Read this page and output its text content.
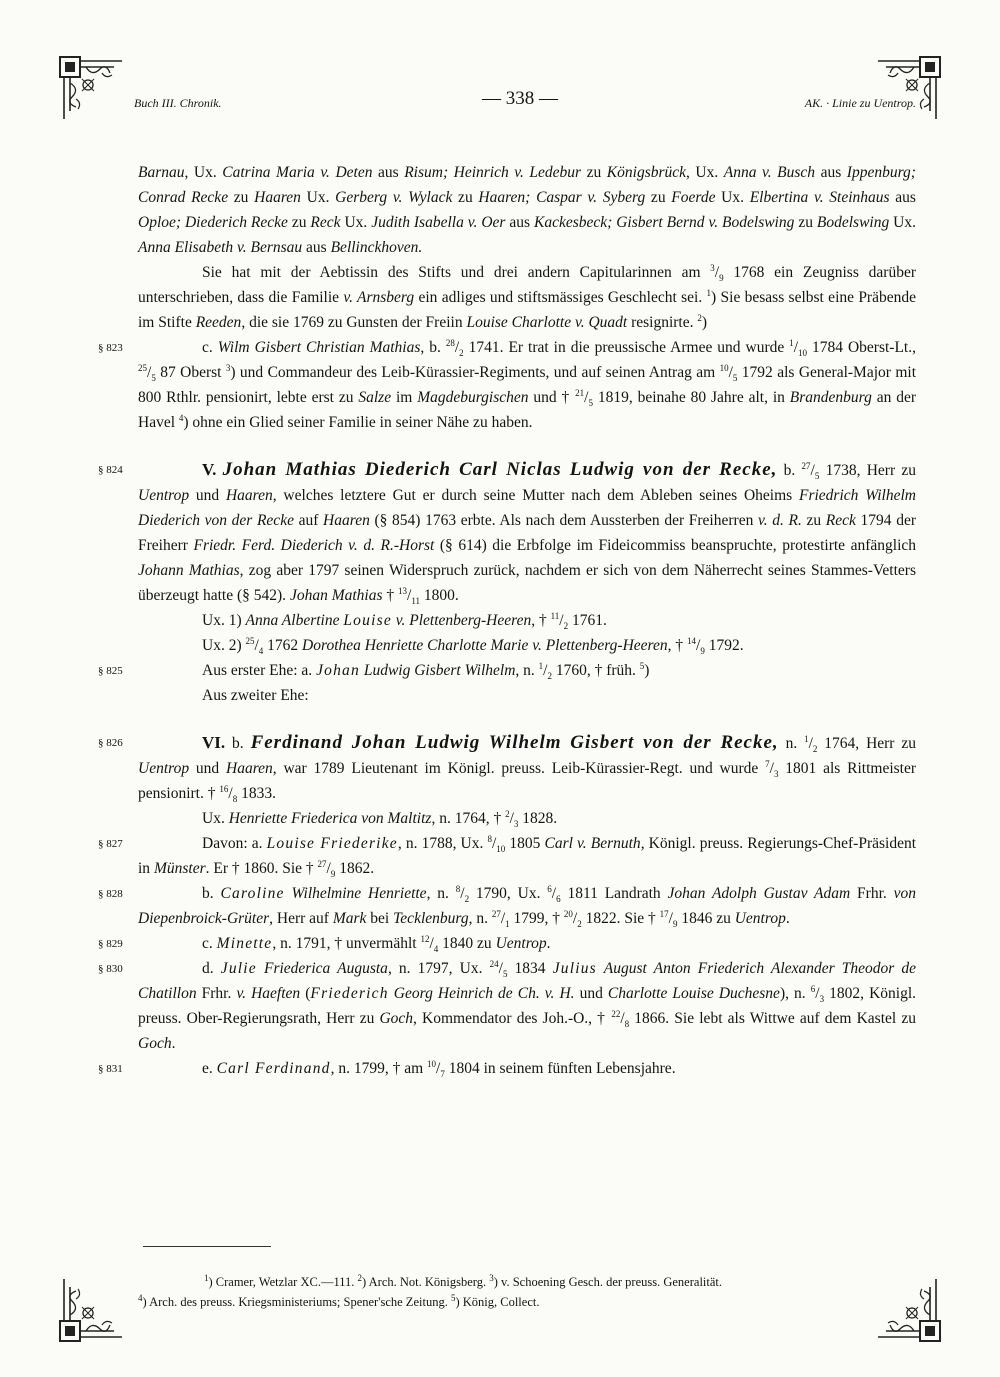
Buch III. Chronik.	— 338 —	AK. · Linie zu Uentrop.

Barnau, Ux. Catrina Maria v. Deten aus Risum; Heinrich v. Ledebur zu Königsbrück, Ux. Anna v. Busch aus Ippenburg; Conrad Recke zu Haaren Ux. Gerberg v. Wylack zu Haaren; Caspar v. Syberg zu Foerde Ux. Elbertina v. Steinhaus aus Oploe; Diederich Recke zu Reck Ux. Judith Isabella v. Oer aus Kackesbeck; Gisbert Bernd v. Bodelswing zu Bodelswing Ux. Anna Elisabeth v. Bernsau aus Bellinckhoven.

Sie hat mit der Aebtissin des Stifts und drei andern Capitularinnen am $^3/_9$ 1768 ein Zeugniss darüber unterschrieben, dass die Familie v. Arnsberg ein adliges und stiftsmässiges Geschlecht sei. $^1$) Sie besass selbst eine Präbende im Stifte Reeden, die sie 1769 zu Gunsten der Freiin Louise Charlotte v. Quadt resignirte. $^2$)

§ 823	c. Wilm Gisbert Christian Mathias, b. $^{28}/_2$ 1741. Er trat in die preussische Armee und wurde $^1/_{10}$ 1784 Oberst-Lt., $^{25}/_5$ 87 Oberst $^3$) und Commandeur des Leib-Kürassier-Regiments, und auf seinen Antrag am $^{10}/_5$ 1792 als General-Major mit 800 Rthlr. pensionirt, lebte erst zu Salze im Magdeburgischen und † $^{21}/_5$ 1819, beinahe 80 Jahre alt, in Brandenburg an der Havel $^4$) ohne ein Glied seiner Familie in seiner Nähe zu haben.

§ 824	V. Johan Mathias Diederich Carl Niclas Ludwig von der Recke, b. $^{27}/_5$ 1738, Herr zu Uentrop und Haaren, welches letztere Gut er durch seine Mutter nach dem Ableben seines Oheims Friedrich Wilhelm Diederich von der Recke auf Haaren (§ 854) 1763 erbte. Als nach dem Aussterben der Freiherren v. d. R. zu Reck 1794 der Freiherr Friedr. Ferd. Diederich v. d. R.-Horst (§ 614) die Erbfolge im Fideicommiss beanspruchte, protestirte anfänglich Johann Mathias, zog aber 1797 seinen Widerspruch zurück, nachdem er sich von dem Näherrecht seines Stammes-Vetters überzeugt hatte (§ 542). Johan Mathias † $^{13}/_{11}$ 1800.

Ux. 1) Anna Albertine Louise v. Plettenberg-Heeren, † $^{11}/_2$ 1761.

Ux. 2) $^{25}/_4$ 1762 Dorothea Henriette Charlotte Marie v. Plettenberg-Heeren, † $^{14}/_9$ 1792.

§ 825	Aus erster Ehe: a. Johan Ludwig Gisbert Wilhelm, n. $^1/_2$ 1760, † früh. $^5$)

Aus zweiter Ehe:

§ 826	VI. b. Ferdinand Johan Ludwig Wilhelm Gisbert von der Recke, n. $^1/_2$ 1764, Herr zu Uentrop und Haaren, war 1789 Lieutenant im Königl. preuss. Leib-Kürassier-Regt. und wurde $^7/_3$ 1801 als Rittmeister pensionirt. † $^{16}/_8$ 1833.

Ux. Henriette Friederica von Maltitz, n. 1764, † $^2/_3$ 1828.

§ 827	Davon: a. Louise Friederike, n. 1788, Ux. $^8/_{10}$ 1805 Carl v. Bernuth, Königl. preuss. Regierungs-Chef-Präsident in Münster. Er † 1860. Sie † $^{27}/_9$ 1862.

§ 828	b. Caroline Wilhelmine Henriette, n. $^8/_2$ 1790, Ux. $^6/_6$ 1811 Landrath Johan Adolph Gustav Adam Frhr. von Diepenbroick-Grüter, Herr auf Mark bei Tecklenburg, n. $^{27}/_1$ 1799, † $^{20}/_2$ 1822. Sie † $^{17}/_9$ 1846 zu Uentrop.

§ 829	c. Minette, n. 1791, † unvermählt $^{12}/_4$ 1840 zu Uentrop.

§ 830	d. Julie Friederica Augusta, n. 1797, Ux. $^{24}/_5$ 1834 Julius August Anton Friederich Alexander Theodor de Chatillon Frhr. v. Haeften (Friederich Georg Heinrich de Ch. v. H. und Charlotte Louise Duchesne), n. $^6/_3$ 1802, Königl. preuss. Ober-Regierungsrath, Herr zu Goch, Kommendator des Joh.-O., † $^{22}/_8$ 1866. Sie lebt als Wittwe auf dem Kastel zu Goch.

§ 831	e. Carl Ferdinand, n. 1799, † am $^{10}/_7$ 1804 in seinem fünften Lebensjahre.

$^1$) Cramer, Wetzlar XC.—111. $^2$) Arch. Not. Königsberg. $^3$) v. Schoening Gesch. der preuss. Generalität.
$^4$) Arch. des preuss. Kriegsministeriums; Spener'sche Zeitung. $^5$) König, Collect.
